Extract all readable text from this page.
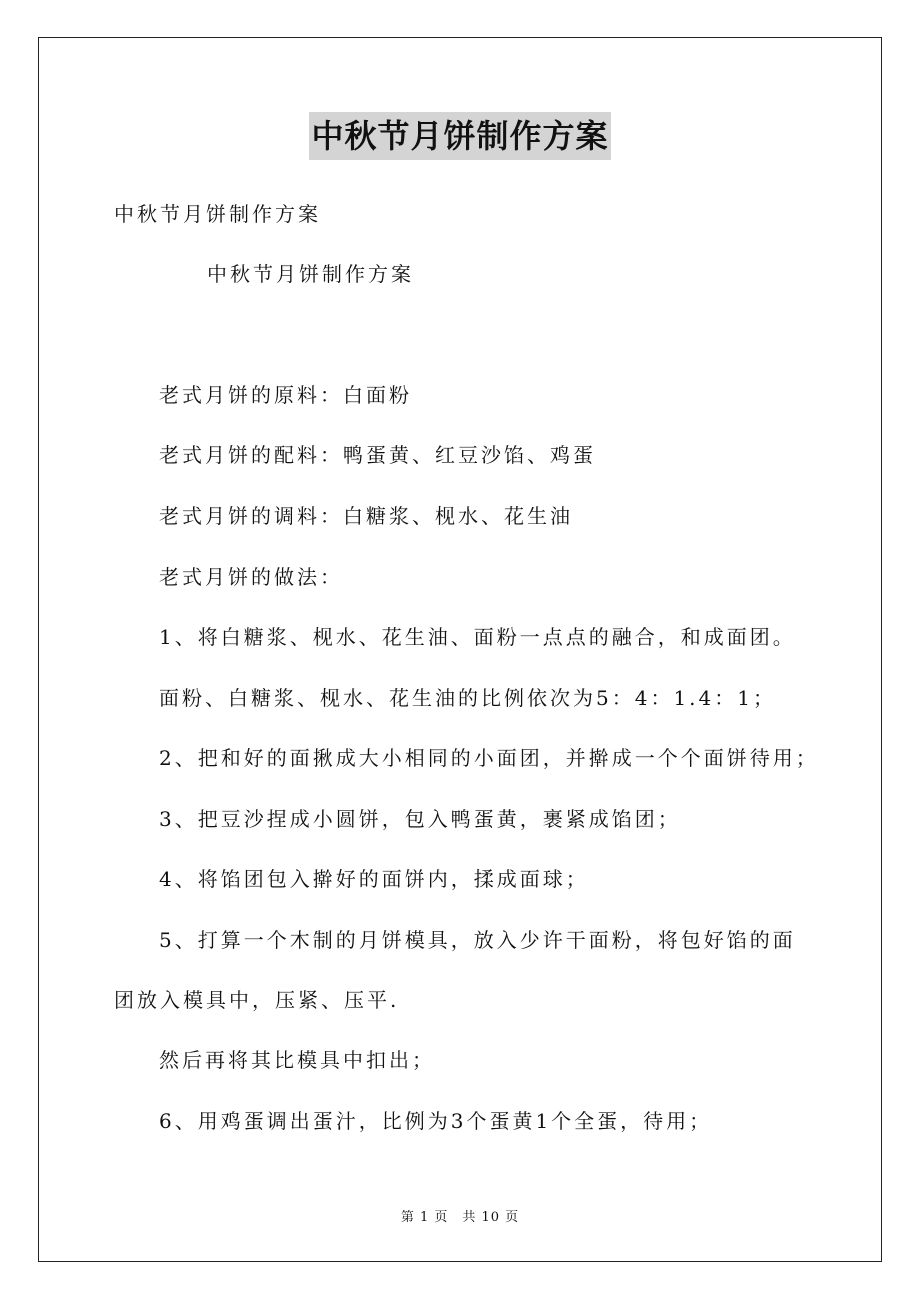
中秋节月饼制作方案
中秋节月饼制作方案
中秋节月饼制作方案
老式月饼的原料：白面粉
老式月饼的配料：鸭蛋黄、红豆沙馅、鸡蛋
老式月饼的调料：白糖浆、枧水、花生油
老式月饼的做法：
1、将白糖浆、枧水、花生油、面粉一点点的融合，和成面团。
面粉、白糖浆、枧水、花生油的比例依次为5：4：1.4：1；
2、把和好的面揪成大小相同的小面团，并擀成一个个面饼待用；
3、把豆沙捏成小圆饼，包入鸭蛋黄，裹紧成馅团；
4、将馅团包入擀好的面饼内，揉成面球；
5、打算一个木制的月饼模具，放入少许干面粉，将包好馅的面
团放入模具中，压紧、压平.
然后再将其比模具中扣出；
6、用鸡蛋调出蛋汁，比例为3个蛋黄1个全蛋，待用；
第 1 页　共 10 页
